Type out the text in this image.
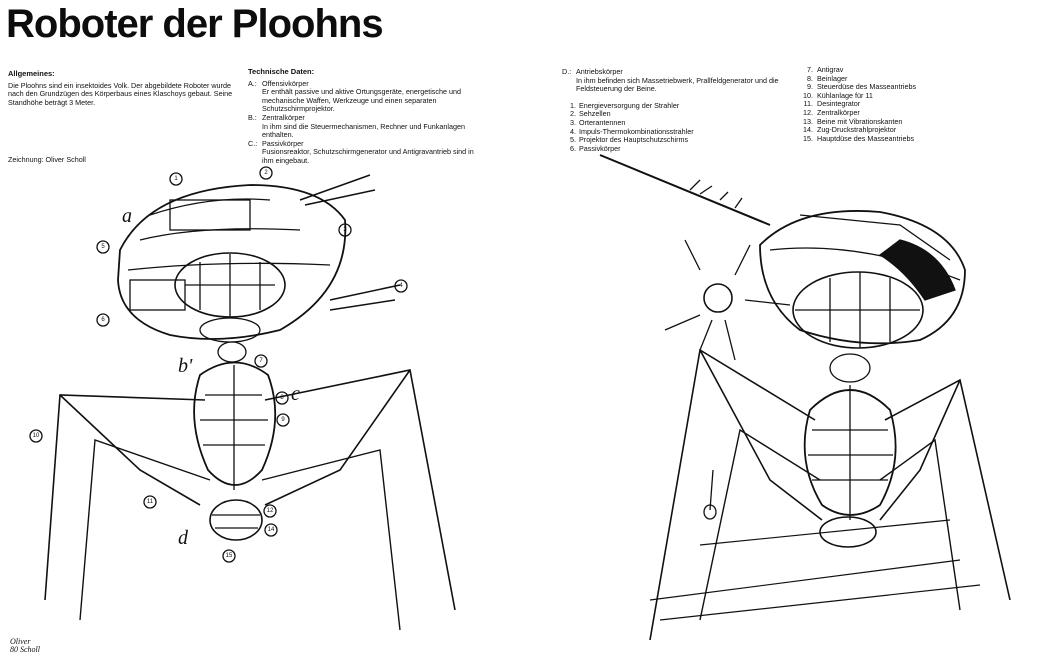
Roboter der Ploohns
Allgemeines:
Die Ploohns sind ein insektoides Volk. Der abgebildete Roboter wurde nach den Grundzügen des Körperbaus eines Klaschoys gebaut. Seine Standhöhe beträgt 3 Meter.
Zeichnung: Oliver Scholl
Technische Daten:
A.: Offensivkörper
Er enthält passive und aktive Ortungsgeräte, energetische und mechanische Waffen, Werkzeuge und einen separaten Schutzschirmprojektor.
B.: Zentralkörper
In ihm sind die Steuermechanismen, Rechner und Funkanlagen enthalten.
C.: Passivkörper
Fusionsreaktor, Schutzschirmgenerator und Antigravantrieb sind in ihm eingebaut.
D.: Antriebskörper
In ihm befinden sich Massetriebwerk, Prallfeldgenerator und die Feldsteuerung der Beine.
1. Energieversorgung der Strahler
2. Sehzellen
3. Orterantennen
4. Impuls-Thermokombinationsstrahler
5. Projektor des Hauptschutzschirms
6. Passivkörper
7. Antigrav
8. Beinlager
9. Steuerdüse des Masseantriebs
10. Kühlanlage für 11
11. Desintegrator
12. Zentralkörper
13. Beine mit Vibrationskanten
14. Zug-Druckstrahlprojektor
15. Hauptdüse des Masseantriebs
a
b'
c
d
1
2
3
4
5
6
7
8
9
10
11
12
14
15
Oliver
80 Scholl
